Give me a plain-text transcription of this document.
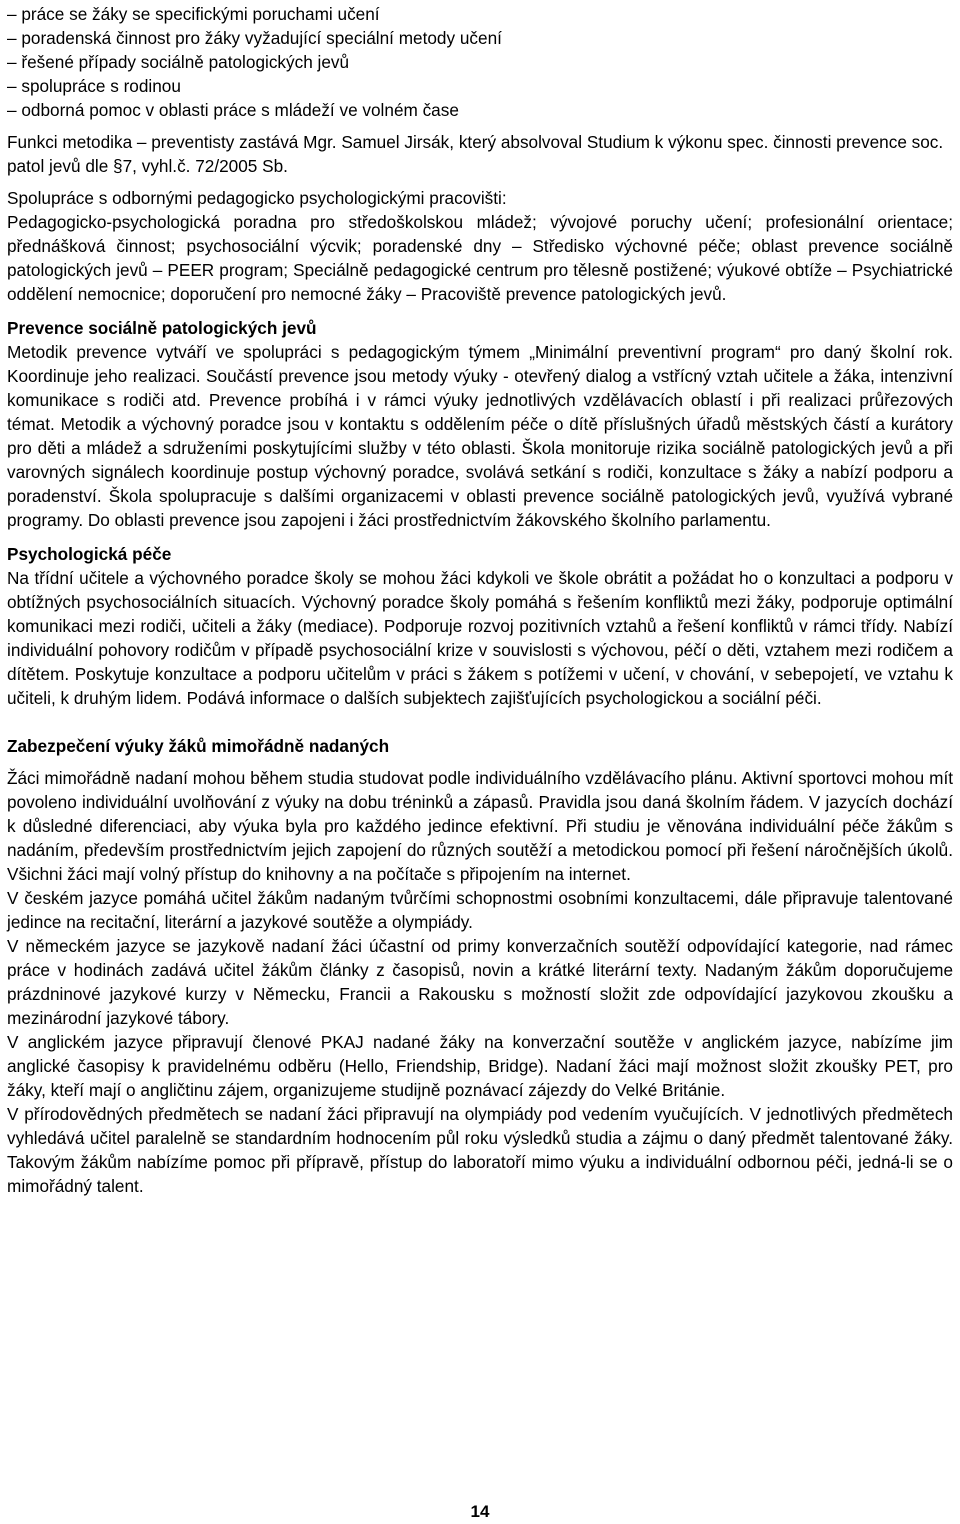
– práce se žáky se specifickými poruchami učení
– poradenská činnost pro žáky vyžadující speciální metody učení
– řešené případy sociálně patologických jevů
– spolupráce s rodinou
– odborná pomoc v oblasti práce s mládeží ve volném čase

Funkci metodika – preventisty zastává Mgr. Samuel Jirsák, který absolvoval Studium k výkonu spec. činnosti prevence soc. patol jevů dle §7, vyhl.č. 72/2005 Sb.

Spolupráce s odbornými pedagogicko psychologickými pracovišti:

Pedagogicko-psychologická poradna pro středoškolskou mládež; vývojové poruchy učení; profesionální orientace; přednášková činnost; psychosociální výcvik; poradenské dny – Středisko výchovné péče; oblast prevence sociálně patologických jevů – PEER program; Speciálně pedagogické centrum pro tělesně postižené; výukové obtíže – Psychiatrické oddělení nemocnice; doporučení pro nemocné žáky – Pracoviště prevence patologických jevů.

Prevence sociálně patologických jevů

Metodik prevence vytváří ve spolupráci s pedagogickým týmem „Minimální preventivní program“ pro daný školní rok. Koordinuje jeho realizaci. Součástí prevence jsou metody výuky - otevřený dialog a vstřícný vztah učitele a žáka, intenzivní komunikace s rodiči atd. Prevence probíhá i v rámci výuky jednotlivých vzdělávacích oblastí i při realizaci průřezových témat. Metodik a výchovný poradce jsou v kontaktu s oddělením péče o dítě příslušných úřadů městských částí a kurátory pro děti a mládež a sdruženími poskytujícími služby v této oblasti. Škola monitoruje rizika sociálně patologických jevů a při varovných signálech koordinuje postup výchovný poradce, svolává setkání s rodiči, konzultace s žáky a nabízí podporu a poradenství. Škola spolupracuje s dalšími organizacemi v oblasti prevence sociálně patologických jevů, využívá vybrané programy. Do oblasti prevence jsou zapojeni i žáci prostřednictvím žákovského školního parlamentu.

Psychologická péče

Na třídní učitele a výchovného poradce školy se mohou žáci kdykoli ve škole obrátit a požádat ho o konzultaci a podporu v obtížných psychosociálních situacích. Výchovný poradce školy pomáhá s řešením konfliktů mezi žáky, podporuje optimální komunikaci mezi rodiči, učiteli a žáky (mediace). Podporuje rozvoj pozitivních vztahů a řešení konfliktů v rámci třídy. Nabízí individuální pohovory rodičům v případě psychosociální krize v souvislosti s výchovou, péčí o děti, vztahem mezi rodičem a dítětem. Poskytuje konzultace a podporu učitelům v práci s žákem s potížemi v učení, v chování, v sebepojetí, ve vztahu k učiteli, k druhým lidem. Podává informace o dalších subjektech zajišťujících psychologickou a sociální péči.

Zabezpečení výuky žáků mimořádně nadaných

Žáci mimořádně nadaní mohou během studia studovat podle individuálního vzdělávacího plánu. Aktivní sportovci mohou mít povoleno individuální uvolňování z výuky na dobu tréninků a zápasů. Pravidla jsou daná školním řádem. V jazycích dochází k důsledné diferenciaci, aby výuka byla pro každého jedince efektivní. Při studiu je věnována individuální péče žákům s nadáním, především prostřednictvím jejich zapojení do různých soutěží a metodickou pomocí při řešení náročnějších úkolů. Všichni žáci mají volný přístup do knihovny a na počítače s připojením na internet.

V českém jazyce pomáhá učitel žákům nadaným tvůrčími schopnostmi osobními konzultacemi, dále připravuje talentované jedince na recitační, literární a jazykové soutěže a olympiády.

V německém jazyce se jazykově nadaní žáci účastní od primy konverzačních soutěží odpovídající kategorie, nad rámec práce v hodinách zadává učitel žákům články z časopisů, novin a krátké literární texty. Nadaným žákům doporučujeme prázdninové jazykové kurzy v Německu, Francii a Rakousku s možností složit zde odpovídající jazykovou zkoušku a mezinárodní jazykové tábory.

V anglickém jazyce připravují členové PKAJ nadané žáky na konverzační soutěže v anglickém jazyce, nabízíme jim anglické časopisy k pravidelnému odběru (Hello, Friendship, Bridge). Nadaní žáci mají možnost složit zkoušky PET, pro žáky, kteří mají o angličtinu zájem, organizujeme studijně poznávací zájezdy do Velké Británie.

V přírodovědných předmětech se nadaní žáci připravují na olympiády pod vedením vyučujících. V jednotlivých předmětech vyhledává učitel paralelně se standardním hodnocením půl roku výsledků studia a zájmu o daný předmět talentované žáky. Takovým žákům nabízíme pomoc při přípravě, přístup do laboratoří mimo výuku a individuální odbornou péči, jedná-li se o mimořádný talent.

14
